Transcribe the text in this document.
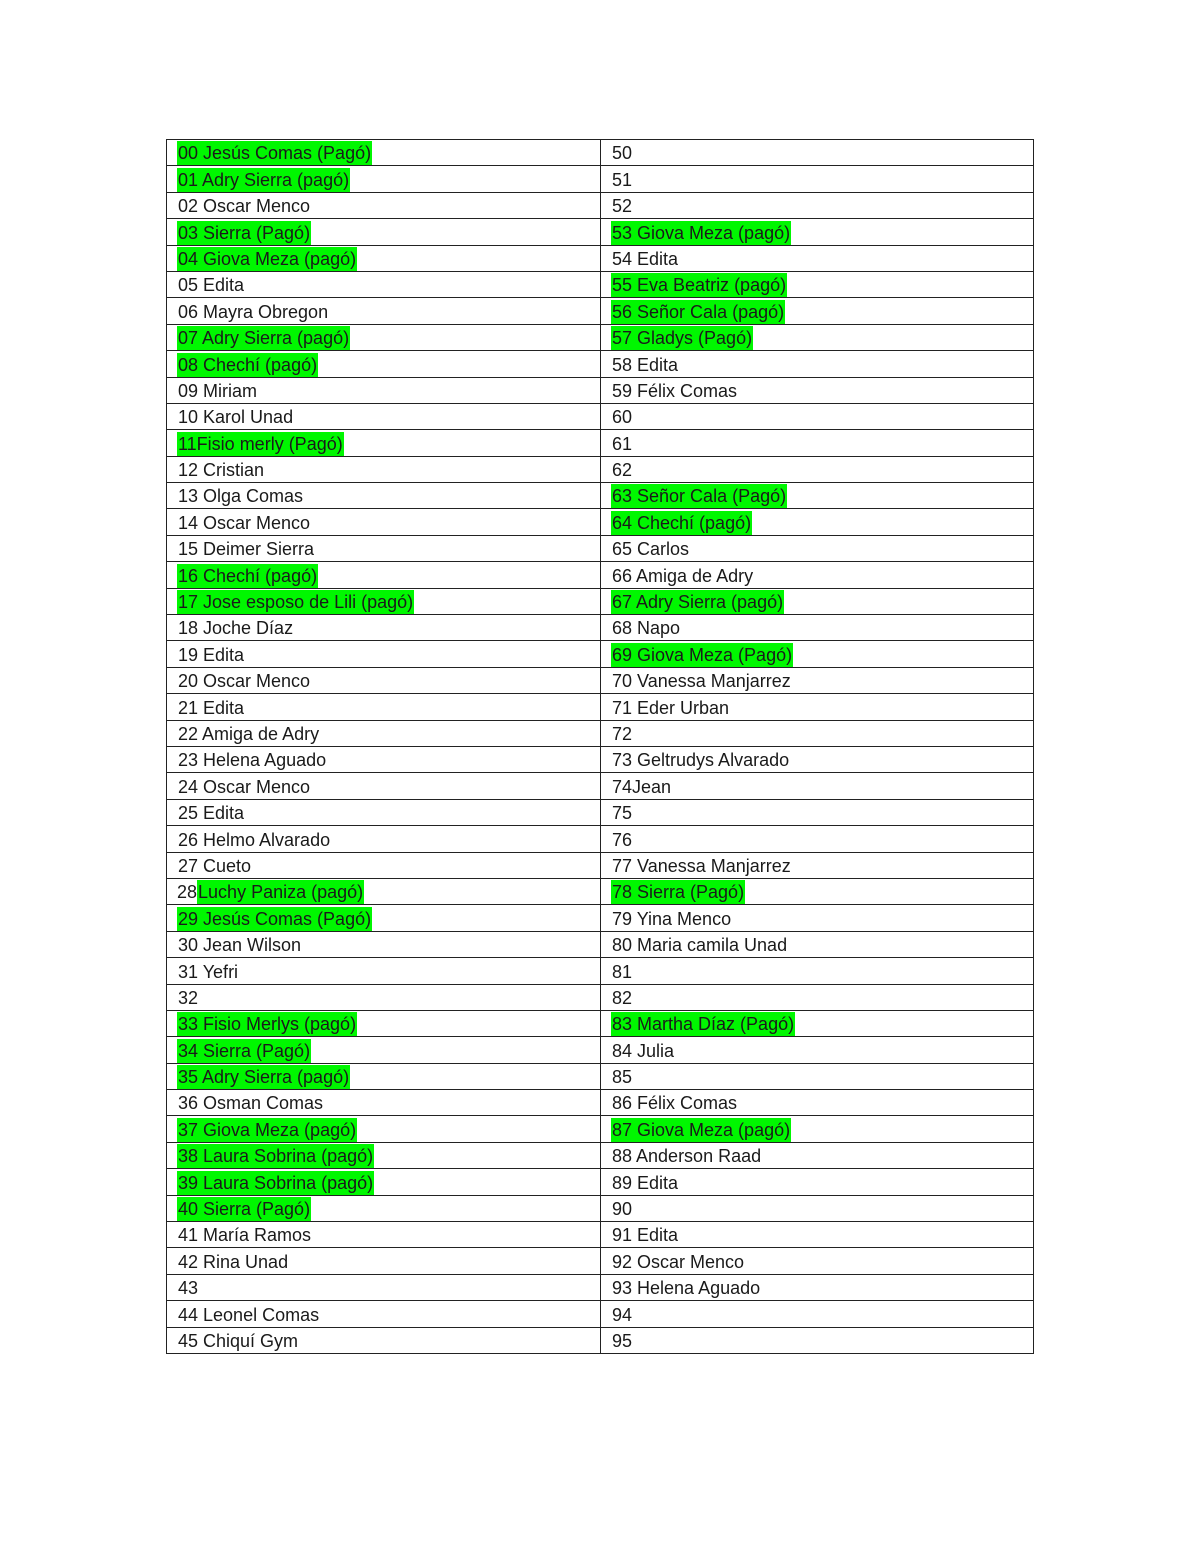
00 Jesús Comas (Pagó)	50
01 Adry Sierra (pagó)	51
02 Oscar Menco	52
03 Sierra (Pagó)	53 Giova Meza (pagó)
04 Giova Meza (pagó)	54 Edita
05 Edita	55 Eva Beatriz (pagó)
06 Mayra Obregon	56 Señor Cala (pagó)
07 Adry Sierra (pagó)	57 Gladys (Pagó)
08 Chechí (pagó)	58 Edita
09 Miriam	59 Félix Comas
10 Karol Unad	60
11Fisio merly (Pagó)	61
12 Cristian	62
13 Olga Comas	63 Señor Cala (Pagó)
14 Oscar Menco	64 Chechí (pagó)
15 Deimer Sierra	65 Carlos
16 Chechí (pagó)	66 Amiga de Adry
17 Jose esposo de Lili (pagó)	67 Adry Sierra (pagó)
18 Joche Díaz	68 Napo
19 Edita	69 Giova Meza (Pagó)
20 Oscar Menco	70 Vanessa Manjarrez
21 Edita	71 Eder Urban
22 Amiga de Adry	72
23 Helena Aguado	73 Geltrudys Alvarado
24 Oscar Menco	74Jean
25 Edita	75
26 Helmo Alvarado	76
27 Cueto	77 Vanessa Manjarrez
28Luchy Paniza (pagó)	78 Sierra (Pagó)
29 Jesús Comas (Pagó)	79 Yina Menco
30 Jean Wilson	80 Maria camila Unad
31 Yefri	81
32	82
33 Fisio Merlys (pagó)	83 Martha Díaz (Pagó)
34 Sierra (Pagó)	84 Julia
35 Adry Sierra (pagó)	85
36 Osman Comas	86 Félix Comas
37 Giova Meza (pagó)	87 Giova Meza (pagó)
38 Laura Sobrina (pagó)	88 Anderson Raad
39 Laura Sobrina (pagó)	89 Edita
40 Sierra (Pagó)	90
41 María Ramos	91 Edita
42 Rina Unad	92 Oscar Menco
43	93 Helena Aguado
44 Leonel Comas	94
45 Chiquí Gym	95
